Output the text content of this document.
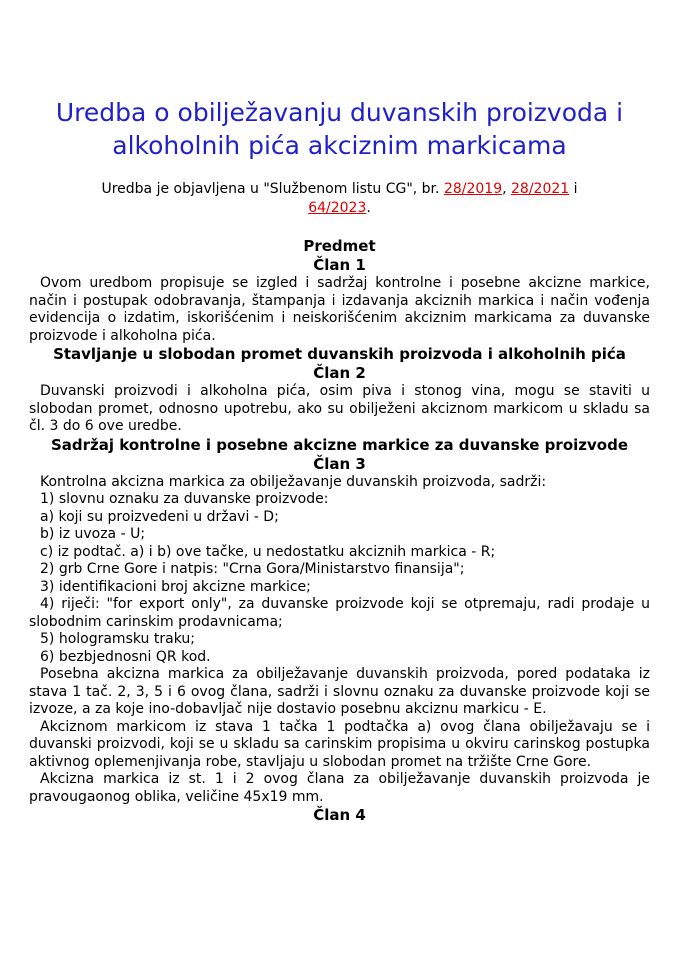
Uredba o obilježavanju duvanskih proizvoda i alkoholnih pića akciznim markicama

Uredba je objavljena u "Službenom listu CG", br. 28/2019, 28/2021 i
64/2023.

Predmet
Član 1

Ovom uredbom propisuje se izgled i sadržaj kontrolne i posebne akcizne markice, način i postupak odobravanja, štampanja i izdavanja akciznih markica i način vođenja evidencija o izdatim, iskorišćenim i neiskorišćenim akciznim markicama za duvanske proizvode i alkoholna pića.

Stavljanje u slobodan promet duvanskih proizvoda i alkoholnih pića
Član 2

Duvanski proizvodi i alkoholna pića, osim piva i stonog vina, mogu se staviti u slobodan promet, odnosno upotrebu, ako su obilježeni akciznom markicom u skladu sa čl. 3 do 6 ove uredbe.

Sadržaj kontrolne i posebne akcizne markice za duvanske proizvode
Član 3

Kontrolna akcizna markica za obilježavanje duvanskih proizvoda, sadrži:

1) slovnu oznaku za duvanske proizvode:

a) koji su proizvedeni u državi - D;

b) iz uvoza - U;

c) iz podtač. a) i b) ove tačke, u nedostatku akciznih markica - R;

2) grb Crne Gore i natpis: "Crna Gora/Ministarstvo finansija";

3) identifikacioni broj akcizne markice;

4) riječi: "for export only", za duvanske proizvode koji se otpremaju, radi prodaje u slobodnim carinskim prodavnicama;

5) hologramsku traku;

6) bezbjednosni QR kod.

Posebna akcizna markica za obilježavanje duvanskih proizvoda, pored podataka iz stava 1 tač. 2, 3, 5 i 6 ovog člana, sadrži i slovnu oznaku za duvanske proizvode koji se izvoze, a za koje ino-dobavljač nije dostavio posebnu akciznu markicu - E.

Akciznom markicom iz stava 1 tačka 1 podtačka a) ovog člana obilježavaju se i duvanski proizvodi, koji se u skladu sa carinskim propisima u okviru carinskog postupka aktivnog oplemenjivanja robe, stavljaju u slobodan promet na tržište Crne Gore.

Akcizna markica iz st. 1 i 2 ovog člana za obilježavanje duvanskih proizvoda je pravougaonog oblika, veličine 45x19 mm.

Član 4
